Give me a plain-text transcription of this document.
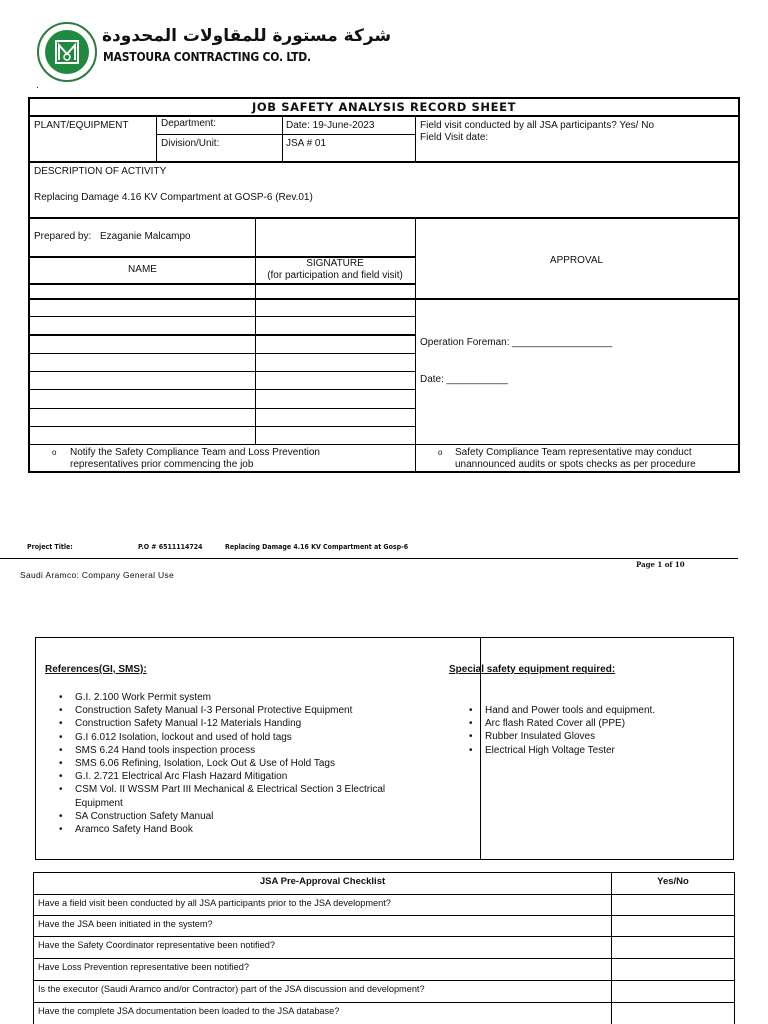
شركة مستورة للمقاولات المحدودة
MASTOURA CONTRACTING CO. LTD.
.
JOB SAFETY ANALYSIS RECORD SHEET
PLANT/EQUIPMENT	Department:
Division/Unit:
Date: 19-June-2023
JSA # 01
Field visit conducted by all JSA participants? Yes/ No
Field Visit date:
DESCRIPTION OF ACTIVITY
Replacing Damage 4.16 KV Compartment at GOSP-6 (Rev.01)
Prepared by: Ezaganie Malcampo
APPROVAL
NAME
SIGNATURE
(for participation and field visit)
Operation Foreman: __________________
Date: ___________
o Notify the Safety Compliance Team and Loss Prevention
representatives prior commencing the job
o Safety Compliance Team representative may conduct
unannounced audits or spots checks as per procedure
Project Title:	P.O # 6511114724	Replacing Damage 4.16 KV Compartment at Gosp-6
Page 1 of 10
Saudi Aramco: Company General Use
References(GI, SMS):
• G.I. 2.100 Work Permit system
• Construction Safety Manual I-3 Personal Protective Equipment
• Construction Safety Manual I-12 Materials Handing
• G.I 6.012 Isolation, lockout and used of hold tags
• SMS 6.24 Hand tools inspection process
• SMS 6.06 Refining, Isolation, Lock Out & Use of Hold Tags
• G.I. 2.721 Electrical Arc Flash Hazard Mitigation
• CSM Vol. II WSSM Part III Mechanical & Electrical Section 3 Electrical
Equipment
• SA Construction Safety Manual
• Aramco Safety Hand Book
Special safety equipment required:
• Hand and Power tools and equipment.
• Arc flash Rated Cover all (PPE)
• Rubber Insulated Gloves
• Electrical High Voltage Tester
JSA Pre-Approval Checklist	Yes/No
Have a field visit been conducted by all JSA participants prior to the JSA development?
Have the JSA been initiated in the system?
Have the Safety Coordinator representative been notified?
Have Loss Prevention representative been notified?
Is the executor (Saudi Aramco and/or Contractor) part of the JSA discussion and development?
Have the complete JSA documentation been loaded to the JSA database?
